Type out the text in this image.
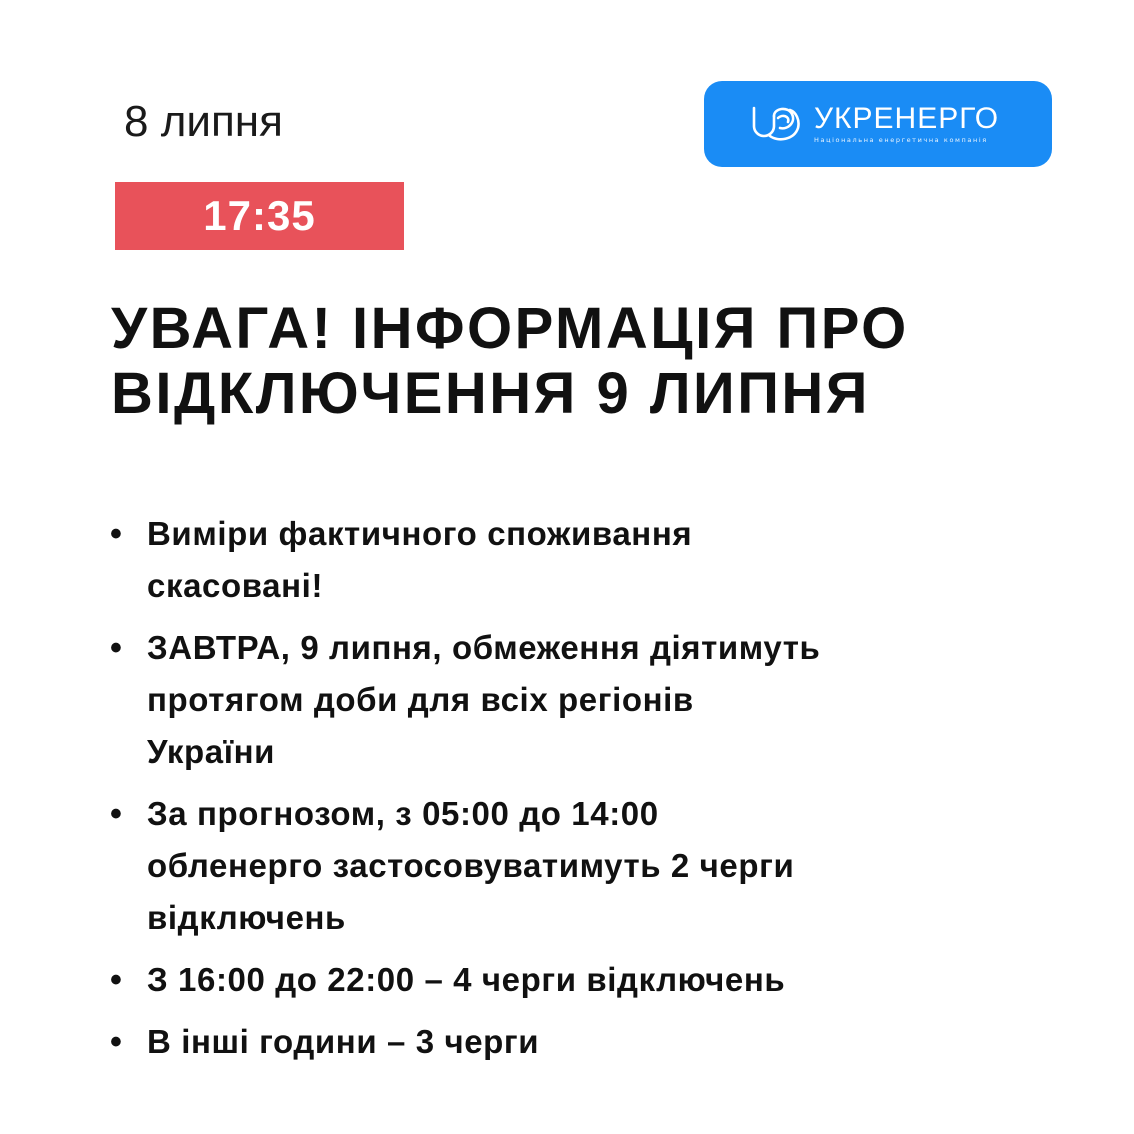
8 липня	УКРЕНЕРГО
Національна енергетична компанія
17:35
УВАГА! ІНФОРМАЦІЯ ПРО
ВІДКЛЮЧЕННЯ 9 ЛИПНЯ
• Виміри фактичного споживання
скасовані!
• ЗАВТРА, 9 липня, обмеження діятимуть
протягом доби для всіх регіонів
України
• За прогнозом, з 05:00 до 14:00
обленерго застосовуватимуть 2 черги
відключень
• З 16:00 до 22:00 – 4 черги відключень
• В інші години – 3 черги
